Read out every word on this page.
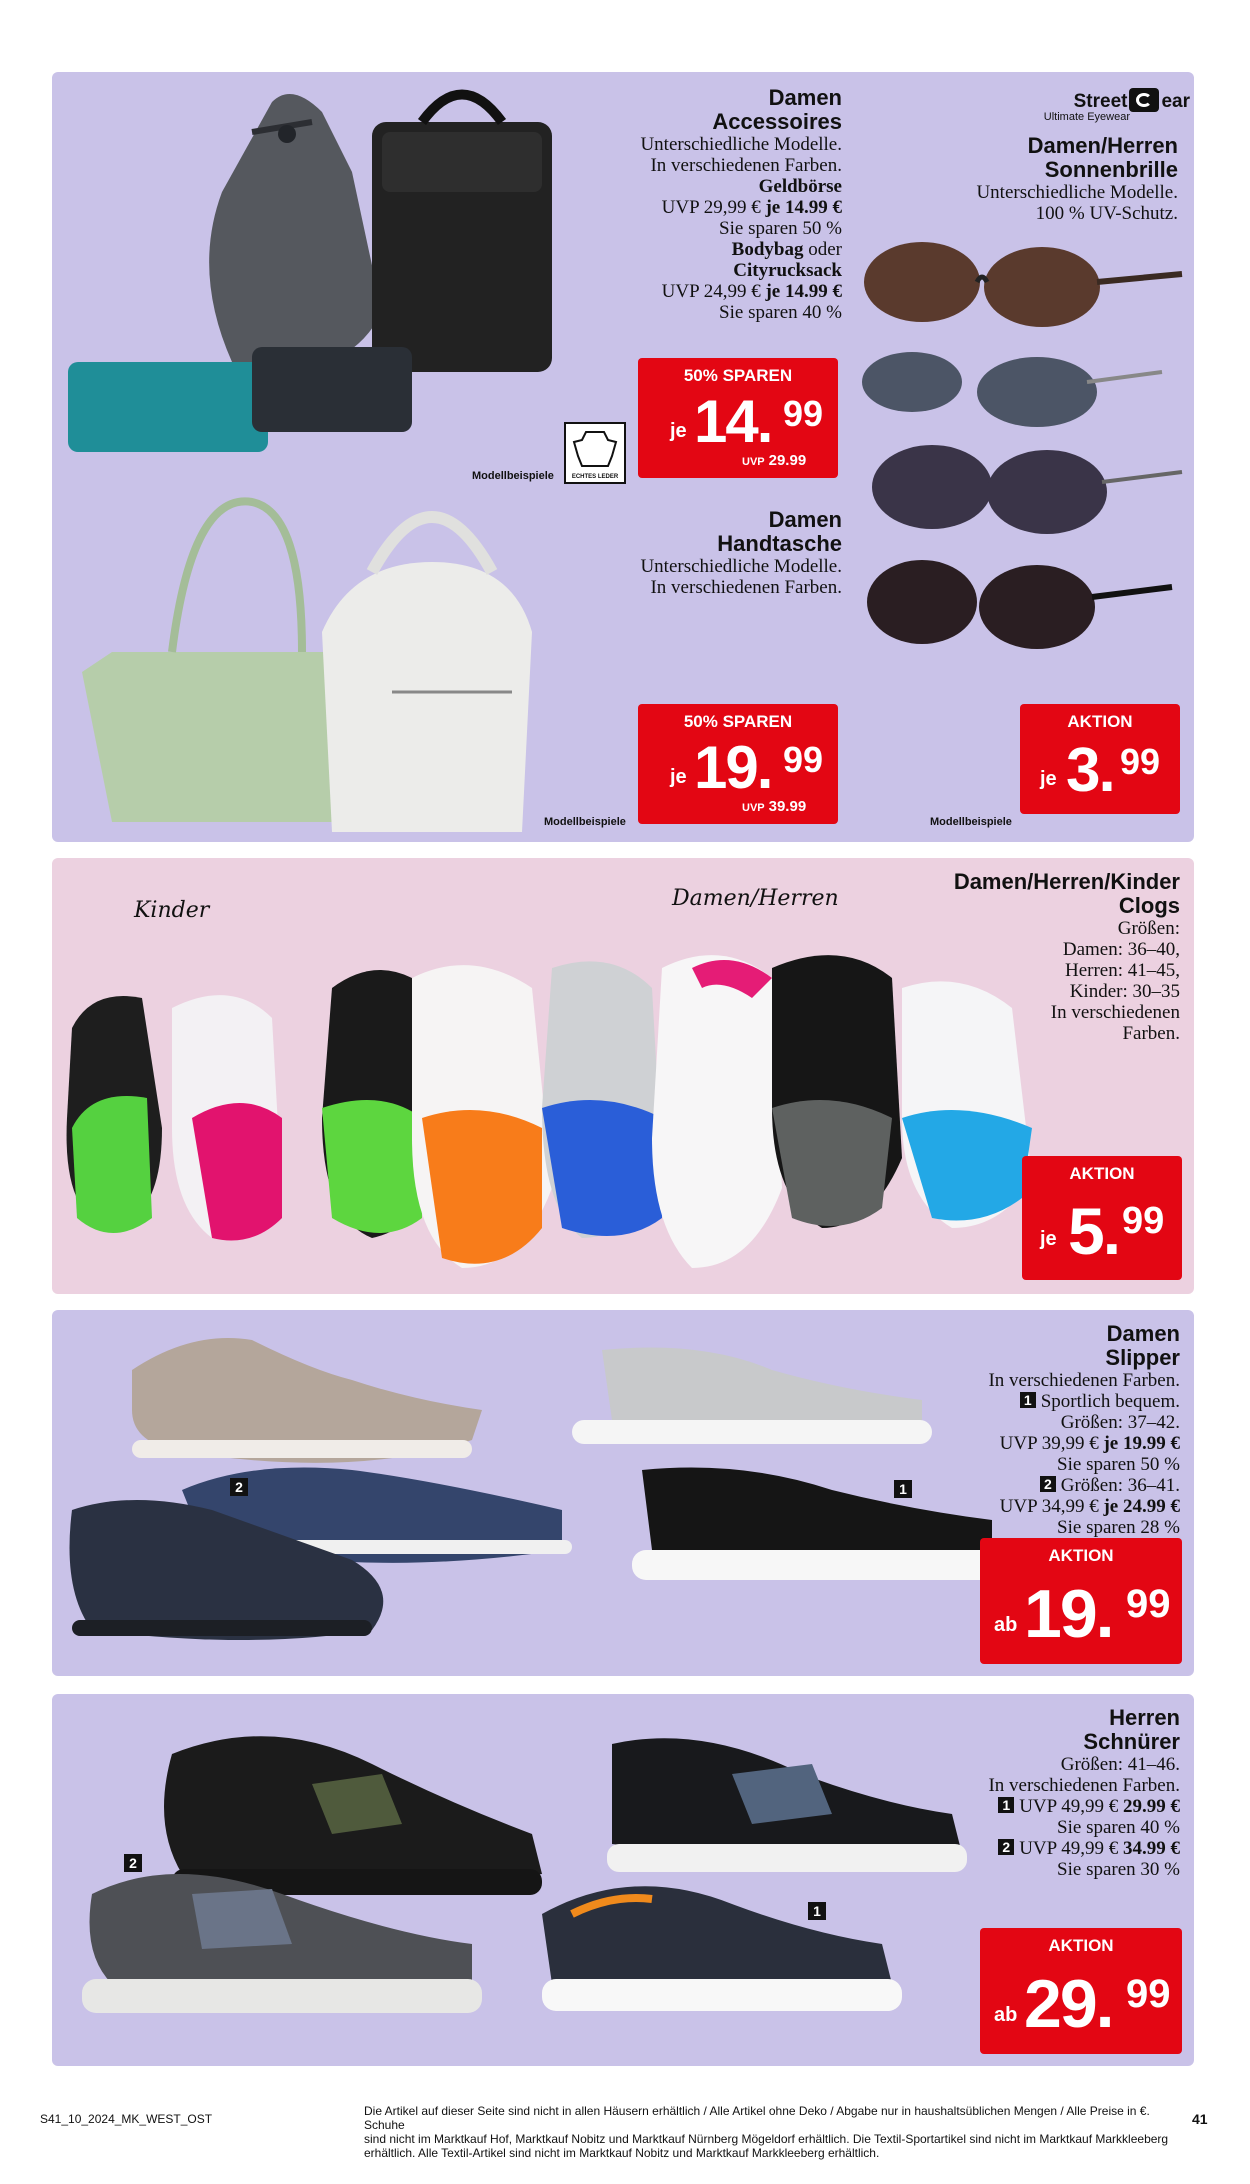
Damen
Accessoires
Unterschiedliche Modelle.
In verschiedenen Farben.
Geldbörse
UVP 29,99 € je 14.99 €
Sie sparen 50 %
Bodybag oder
Cityrucksack
UVP 24,99 € je 14.99 €
Sie sparen 40 %
ECHTES LEDER
Modellbeispiele
50% SPAREN
je 14. 99
UVP 29.99
Damen
Handtasche
Unterschiedliche Modelle.
In verschiedenen Farben.
Modellbeispiele
50% SPAREN
je 19. 99
UVP 39.99
Street ear
Ultimate Eyewear
Damen/Herren
Sonnenbrille
Unterschiedliche Modelle.
100 % UV-Schutz.
Modellbeispiele
AKTION
je 3. 99
Kinder	Damen/Herren
Damen/Herren/Kinder
Clogs
Größen:
Damen: 36–40,
Herren: 41–45,
Kinder: 30–35
In verschiedenen
Farben.
AKTION
je 5. 99
2	1
Damen
Slipper
In verschiedenen Farben.
1 Sportlich bequem.
Größen: 37–42.
UVP 39,99 € je 19.99 €
Sie sparen 50 %
2 Größen: 36–41.
UVP 34,99 € je 24.99 €
Sie sparen 28 %
AKTION
ab 19. 99
2
1
Herren
Schnürer
Größen: 41–46.
In verschiedenen Farben.
1 UVP 49,99 € 29.99 €
Sie sparen 40 %
2 UVP 49,99 € 34.99 €
Sie sparen 30 %
AKTION
ab 29. 99
S41_10_2024_MK_WEST_OST
Die Artikel auf dieser Seite sind nicht in allen Häusern erhältlich / Alle Artikel ohne Deko / Abgabe nur in haushaltsüblichen Mengen / Alle Preise in €. Schuhe
sind nicht im Marktkauf Hof, Marktkauf Nobitz und Marktkauf Nürnberg Mögeldorf erhältlich. Die Textil-Sportartikel sind nicht im Marktkauf Markkleeberg
erhältlich. Alle Textil-Artikel sind nicht im Marktkauf Nobitz und Marktkauf Markkleeberg erhältlich.
41
